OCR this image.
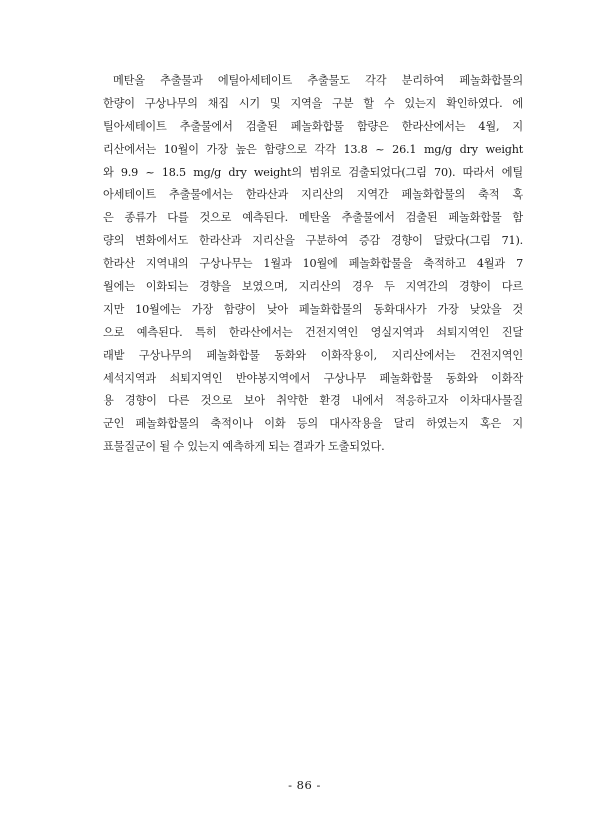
메탄올 추출물과 에틸아세테이트 추출물도 각각 분리하여 페놀화합물의
한량이 구상나무의 채집 시기 및 지역을 구분 할 수 있는지 확인하였다. 에
틸아세테이트 추출물에서 검출된 페놀화합물 함량은 한라산에서는 4월, 지
리산에서는 10월이 가장 높은 함량으로 각각 13.8 ~ 26.1 mg/g dry weight
와 9.9 ~ 18.5 mg/g dry weight의 범위로 검출되었다(그림 70). 따라서 에틸
아세테이트 추출물에서는 한라산과 지리산의 지역간 페놀화합물의 축적 혹
은 종류가 다를 것으로 예측된다. 메탄올 추출물에서 검출된 페놀화합물 함
량의 변화에서도 한라산과 지리산을 구분하여 증감 경향이 달랐다(그림 71).
한라산 지역내의 구상나무는 1월과 10월에 페놀화합물을 축적하고 4월과 7
월에는 이화되는 경향을 보였으며, 지리산의 경우 두 지역간의 경향이 다르
지만 10월에는 가장 함량이 낮아 페놀화합물의 동화대사가 가장 낮았을 것
으로 예측된다. 특히 한라산에서는 건전지역인 영실지역과 쇠퇴지역인 진달
래밭 구상나무의 페놀화합물 동화와 이화작용이, 지리산에서는 건전지역인
세석지역과 쇠퇴지역인 반야봉지역에서 구상나무 페놀화합물 동화와 이화작
용 경향이 다른 것으로 보아 취약한 환경 내에서 적응하고자 이차대사물질
군인 페놀화합물의 축적이나 이화 등의 대사작용을 달리 하였는지 혹은 지
표물질군이 될 수 있는지 예측하게 되는 결과가 도출되었다.
- 86 -
